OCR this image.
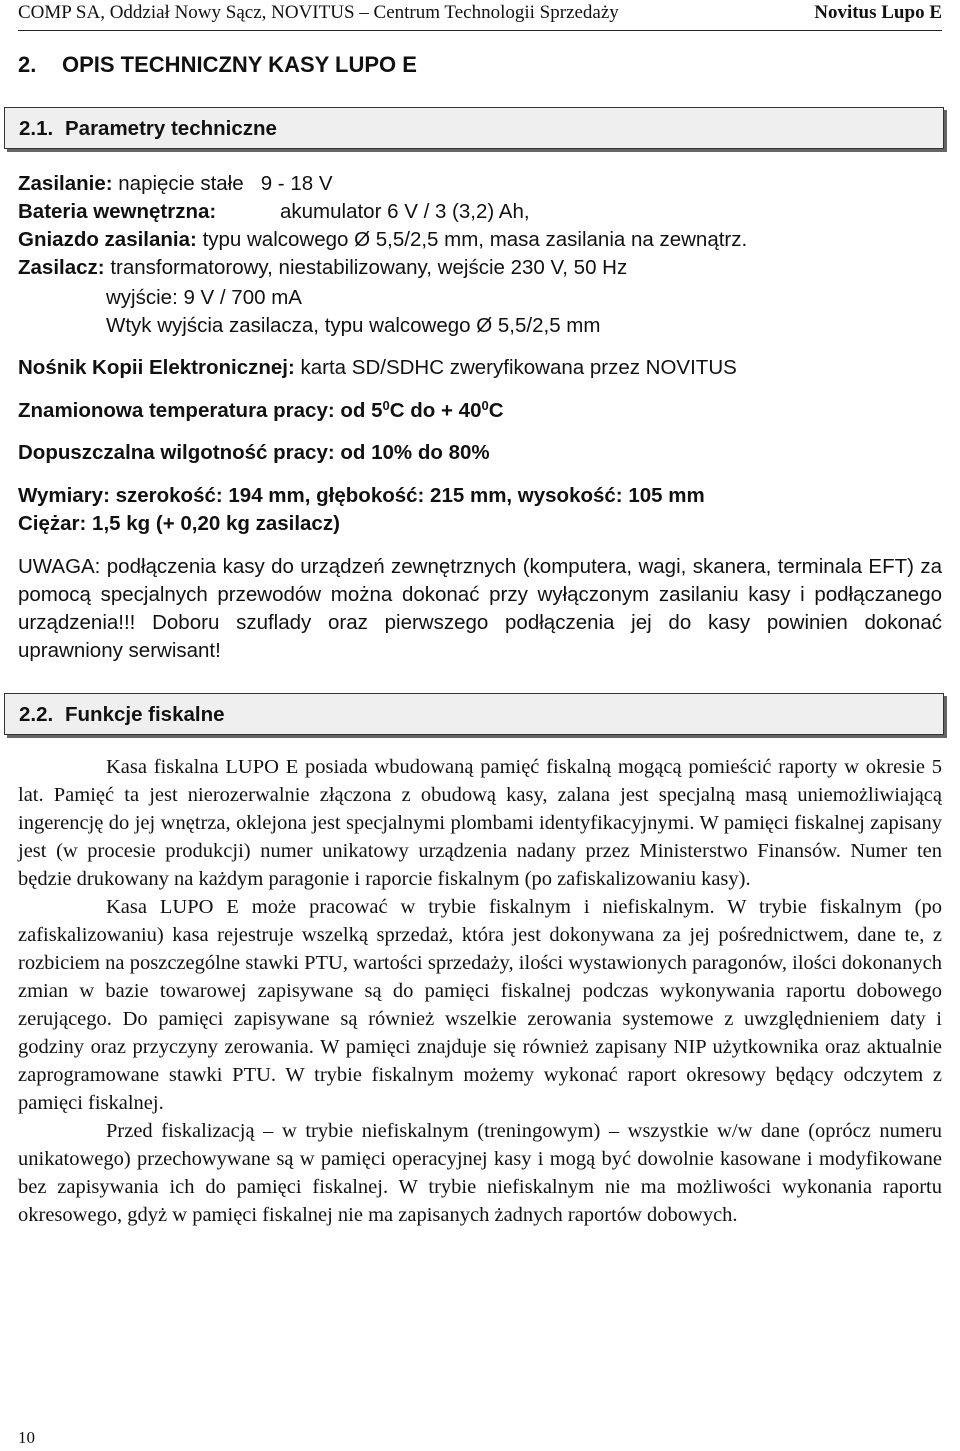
COMP SA, Oddział Nowy Sącz, NOVITUS – Centrum Technologii Sprzedaży	Novitus Lupo E
2. OPIS TECHNICZNY KASY LUPO E
2.1. Parametry techniczne
Zasilanie: napięcie stałe   9 - 18 V
Bateria wewnętrzna:	akumulator 6 V / 3 (3,2) Ah,
Gniazdo zasilania: typu walcowego Ø 5,5/2,5 mm, masa zasilania na zewnątrz.
Zasilacz: transformatorowy, niestabilizowany, wejście 230 V, 50 Hz
wyjście: 9 V / 700 mA
Wtyk wyjścia zasilacza, typu walcowego Ø 5,5/2,5 mm
Nośnik Kopii Elektronicznej: karta SD/SDHC zweryfikowana przez NOVITUS
Znamionowa temperatura pracy: od $5^0C$ do + $40^0C$
Dopuszczalna wilgotność pracy: od 10% do 80%
Wymiary: szerokość: 194 mm, głębokość: 215 mm, wysokość: 105 mm
Ciężar: 1,5 kg (+ 0,20 kg zasilacz)

UWAGA: podłączenia kasy do urządzeń zewnętrznych (komputera, wagi, skanera, terminala EFT) za pomocą specjalnych przewodów można dokonać przy wyłączonym zasilaniu kasy i podłączanego urządzenia!!! Doboru szuflady oraz pierwszego podłączenia jej do kasy powinien dokonać uprawniony serwisant!

2.2. Funkcje fiskalne

Kasa fiskalna LUPO E posiada wbudowaną pamięć fiskalną mogącą pomieścić raporty w okresie 5 lat. Pamięć ta jest nierozerwalnie złączona z obudową kasy, zalana jest specjalną masą uniemożliwiającą ingerencję do jej wnętrza, oklejona jest specjalnymi plombami identyfikacyjnymi. W pamięci fiskalnej zapisany jest (w procesie produkcji) numer unikatowy urządzenia nadany przez Ministerstwo Finansów. Numer ten będzie drukowany na każdym paragonie i raporcie fiskalnym (po zafiskalizowaniu kasy).

Kasa LUPO E może pracować w trybie fiskalnym i niefiskalnym. W trybie fiskalnym (po zafiskalizowaniu) kasa rejestruje wszelką sprzedaż, która jest dokonywana za jej pośrednictwem, dane te, z rozbiciem na poszczególne stawki PTU, wartości sprzedaży, ilości wystawionych paragonów, ilości dokonanych zmian w bazie towarowej zapisywane są do pamięci fiskalnej podczas wykonywania raportu dobowego zerującego. Do pamięci zapisywane są również wszelkie zerowania systemowe z uwzględnieniem daty i godziny oraz przyczyny zerowania. W pamięci znajduje się również zapisany NIP użytkownika oraz aktualnie zaprogramowane stawki PTU. W trybie fiskalnym możemy wykonać raport okresowy będący odczytem z pamięci fiskalnej.

Przed fiskalizacją – w trybie niefiskalnym (treningowym) – wszystkie w/w dane (oprócz numeru unikatowego) przechowywane są w pamięci operacyjnej kasy i mogą być dowolnie kasowane i modyfikowane bez zapisywania ich do pamięci fiskalnej. W trybie niefiskalnym nie ma możliwości wykonania raportu okresowego, gdyż w pamięci fiskalnej nie ma zapisanych żadnych raportów dobowych.

10
